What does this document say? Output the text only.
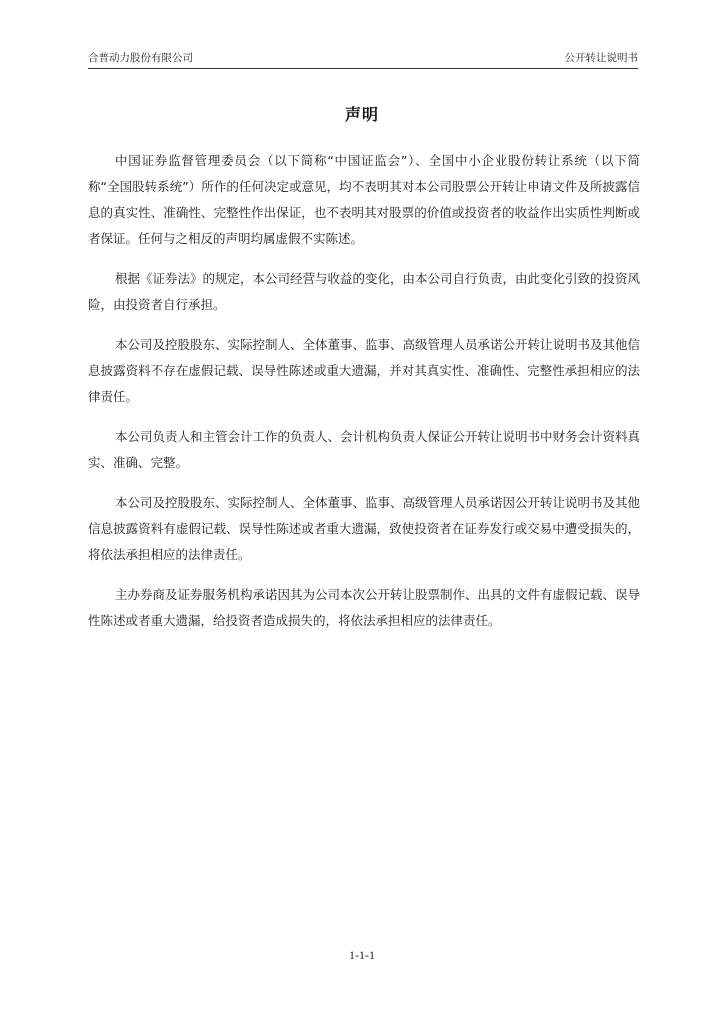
合普动力股份有限公司	公开转让说明书
声明

中国证券监督管理委员会（以下简称“中国证监会”）、全国中小企业股份转让系统（以下简称“全国股转系统”）所作的任何决定或意见，均不表明其对本公司股票公开转让申请文件及所披露信息的真实性、准确性、完整性作出保证，也不表明其对股票的价值或投资者的收益作出实质性判断或者保证。任何与之相反的声明均属虚假不实陈述。

根据《证券法》的规定，本公司经营与收益的变化，由本公司自行负责，由此变化引致的投资风险，由投资者自行承担。

本公司及控股股东、实际控制人、全体董事、监事、高级管理人员承诺公开转让说明书及其他信息披露资料不存在虚假记载、误导性陈述或重大遗漏，并对其真实性、准确性、完整性承担相应的法律责任。

本公司负责人和主管会计工作的负责人、会计机构负责人保证公开转让说明书中财务会计资料真实、准确、完整。

本公司及控股股东、实际控制人、全体董事、监事、高级管理人员承诺因公开转让说明书及其他信息披露资料有虚假记载、误导性陈述或者重大遗漏，致使投资者在证券发行或交易中遭受损失的，将依法承担相应的法律责任。

主办券商及证券服务机构承诺因其为公司本次公开转让股票制作、出具的文件有虚假记载、误导性陈述或者重大遗漏，给投资者造成损失的，将依法承担相应的法律责任。

1-1-1
